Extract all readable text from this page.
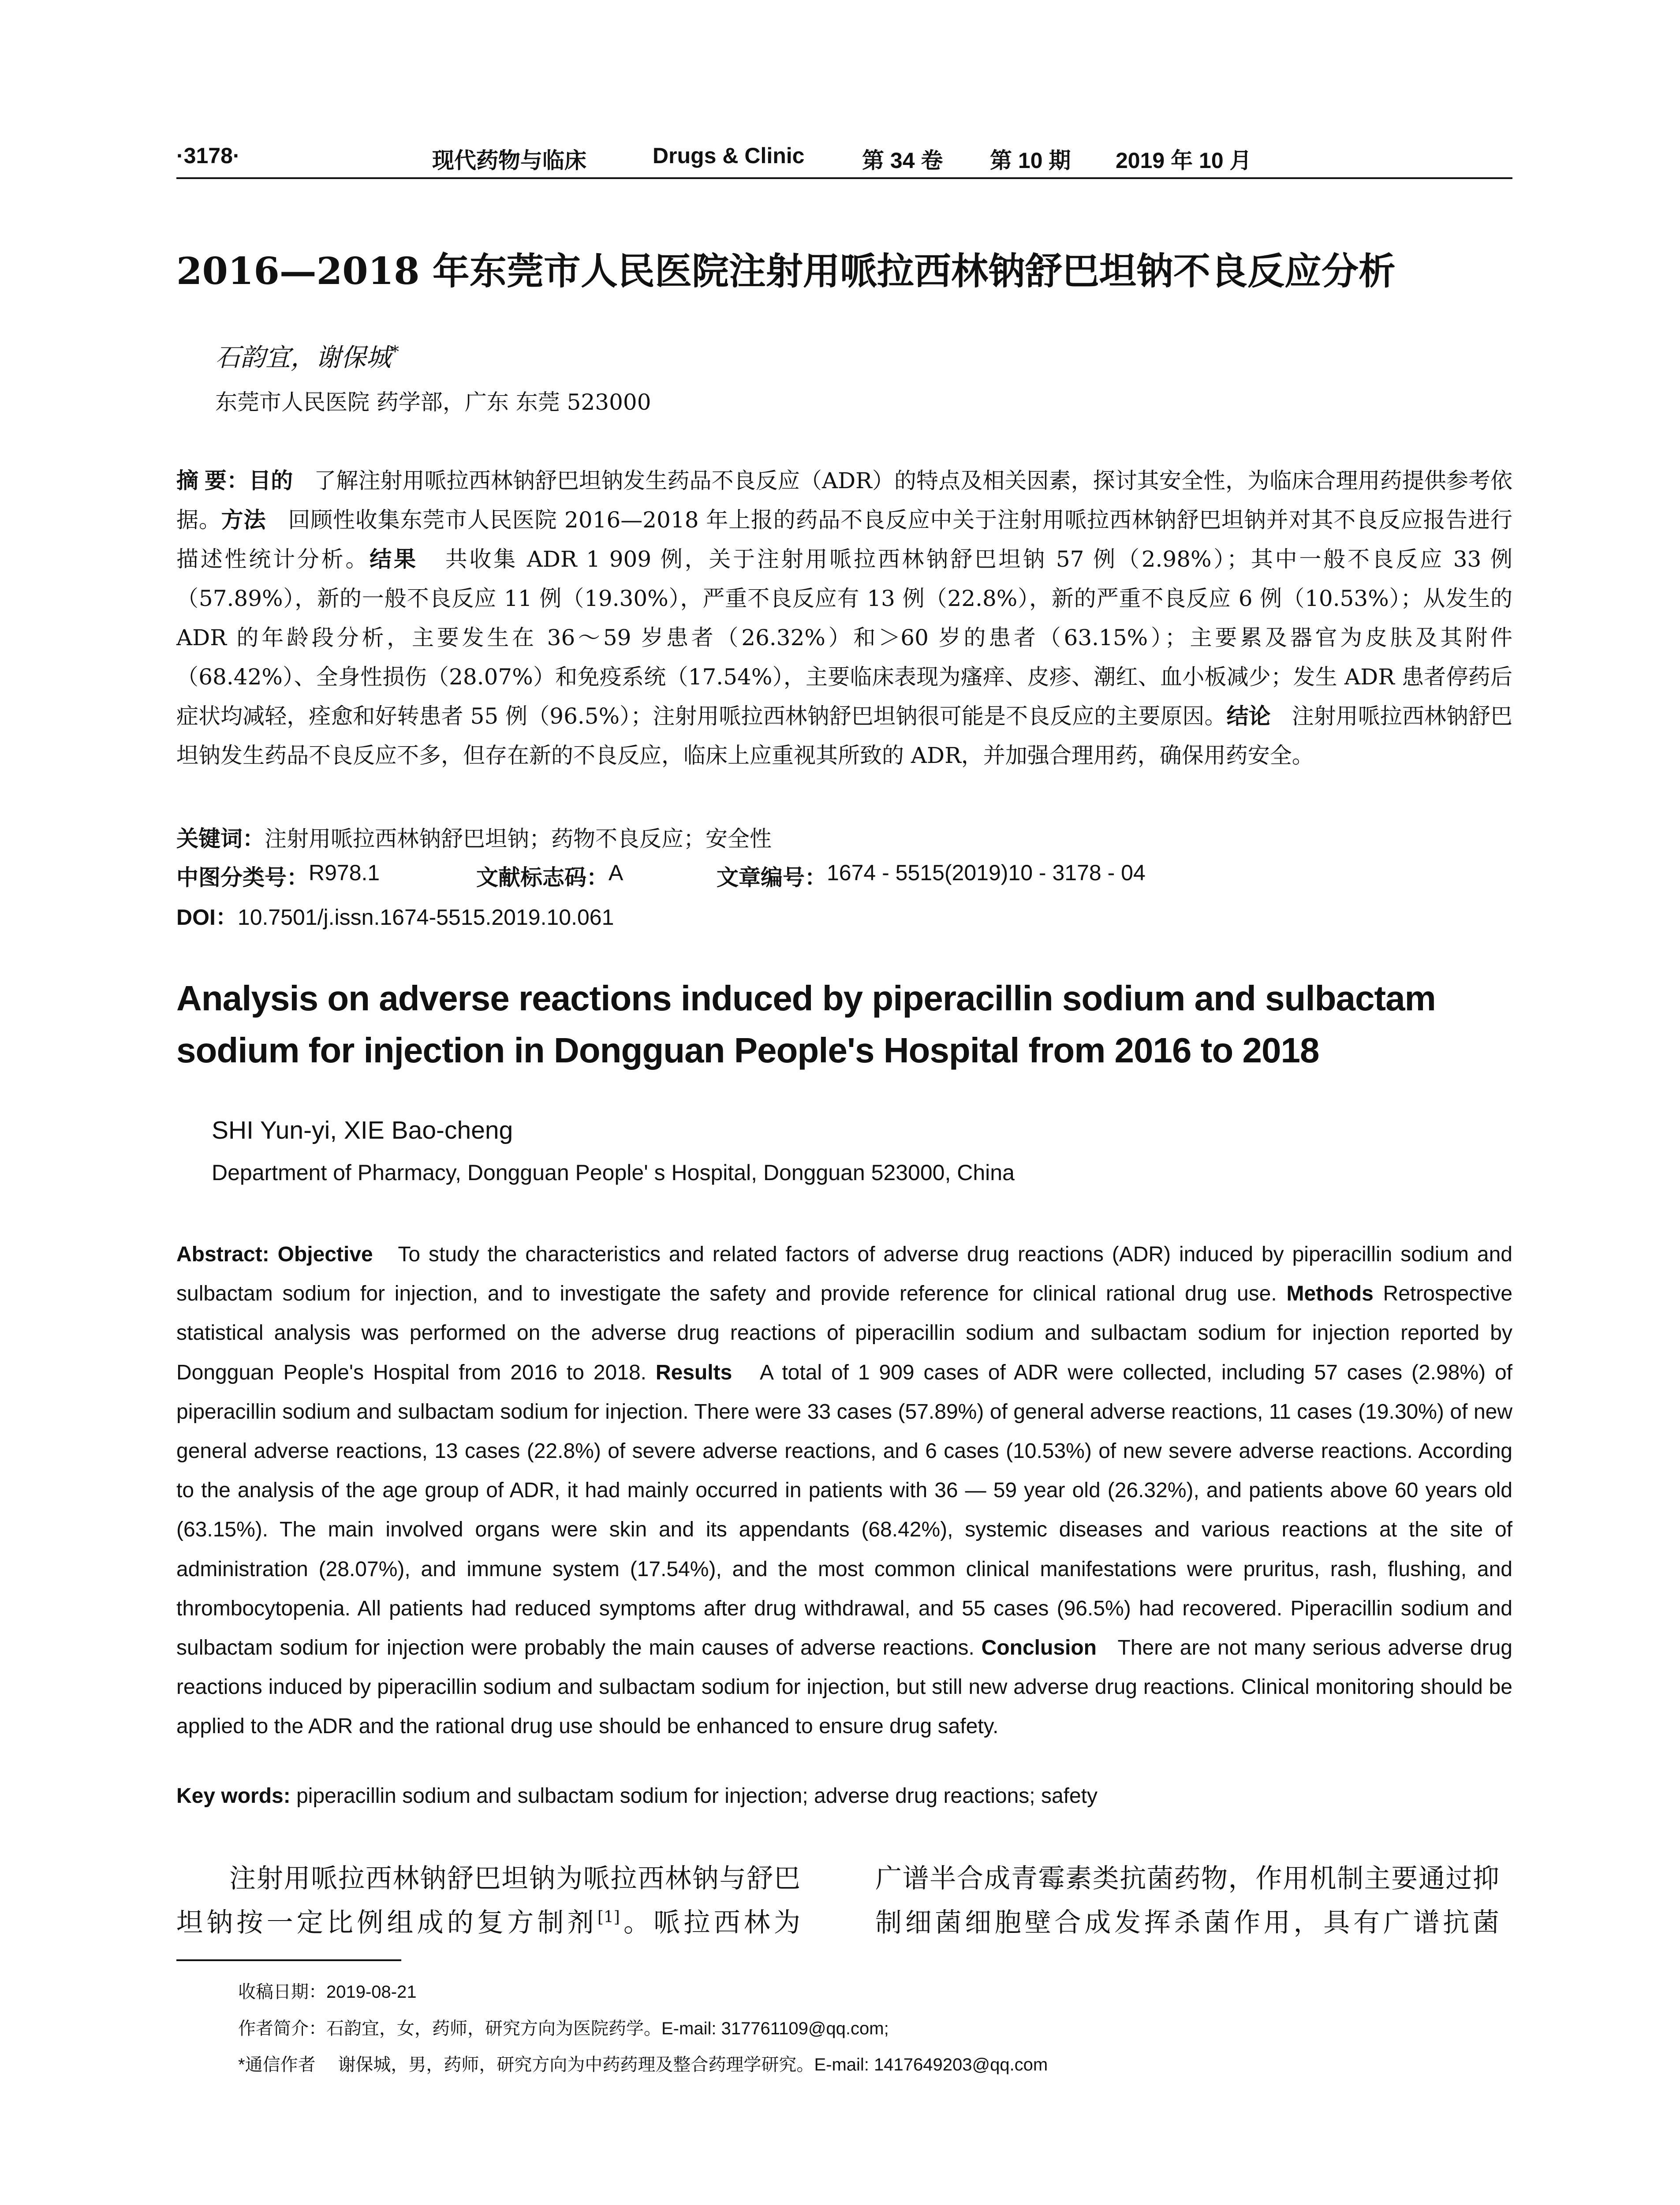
·3178·	现代药物与临床	Drugs & Clinic	第 34 卷 第 10 期 2019 年 10 月
2016—2018 年东莞市人民医院注射用哌拉西林钠舒巴坦钠不良反应分析
石韵宜，谢保城*
东莞市人民医院 药学部，广东 东莞 523000
摘 要：目的 了解注射用哌拉西林钠舒巴坦钠发生药品不良反应（ADR）的特点及相关因素，探讨其安全性，为临床合理用药提供参考依据。方法 回顾性收集东莞市人民医院 2016—2018 年上报的药品不良反应中关于注射用哌拉西林钠舒巴坦钠并对其不良反应报告进行描述性统计分析。结果 共收集 ADR 1 909 例，关于注射用哌拉西林钠舒巴坦钠 57 例（2.98%）；其中一般不良反应 33 例（57.89%），新的一般不良反应 11 例（19.30%），严重不良反应有 13 例（22.8%），新的严重不良反应 6 例（10.53%）；从发生的 ADR 的年龄段分析，主要发生在 36～59 岁患者（26.32%）和＞60 岁的患者（63.15%）；主要累及器官为皮肤及其附件（68.42%）、全身性损伤（28.07%）和免疫系统（17.54%），主要临床表现为瘙痒、皮疹、潮红、血小板减少；发生 ADR 患者停药后症状均减轻，痊愈和好转患者 55 例（96.5%）；注射用哌拉西林钠舒巴坦钠很可能是不良反应的主要原因。结论 注射用哌拉西林钠舒巴坦钠发生药品不良反应不多，但存在新的不良反应，临床上应重视其所致的 ADR，并加强合理用药，确保用药安全。
关键词：注射用哌拉西林钠舒巴坦钠；药物不良反应；安全性
中图分类号： R978.1	文献标志码： A	文章编号： 1674 - 5515(2019)10 - 3178 - 04
DOI：10.7501/j.issn.1674-5515.2019.10.061
Analysis on adverse reactions induced by piperacillin sodium and sulbactam sodium for injection in Dongguan People's Hospital from 2016 to 2018
SHI Yun-yi, XIE Bao-cheng
Department of Pharmacy, Dongguan People' s Hospital, Dongguan 523000, China
Abstract: Objective To study the characteristics and related factors of adverse drug reactions (ADR) induced by piperacillin sodium and sulbactam sodium for injection, and to investigate the safety and provide reference for clinical rational drug use. Methods Retrospective statistical analysis was performed on the adverse drug reactions of piperacillin sodium and sulbactam sodium for injection reported by Dongguan People's Hospital from 2016 to 2018. Results A total of 1 909 cases of ADR were collected, including 57 cases (2.98%) of piperacillin sodium and sulbactam sodium for injection. There were 33 cases (57.89%) of general adverse reactions, 11 cases (19.30%) of new general adverse reactions, 13 cases (22.8%) of severe adverse reactions, and 6 cases (10.53%) of new severe adverse reactions. According to the analysis of the age group of ADR, it had mainly occurred in patients with 36 — 59 year old (26.32%), and patients above 60 years old (63.15%). The main involved organs were skin and its appendants (68.42%), systemic diseases and various reactions at the site of administration (28.07%), and immune system (17.54%), and the most common clinical manifestations were pruritus, rash, flushing, and thrombocytopenia. All patients had reduced symptoms after drug withdrawal, and 55 cases (96.5%) had recovered. Piperacillin sodium and sulbactam sodium for injection were probably the main causes of adverse reactions. Conclusion There are not many serious adverse drug reactions induced by piperacillin sodium and sulbactam sodium for injection, but still new adverse drug reactions. Clinical monitoring should be applied to the ADR and the rational drug use should be enhanced to ensure drug safety.
Key words: piperacillin sodium and sulbactam sodium for injection; adverse drug reactions; safety
注射用哌拉西林钠舒巴坦钠为哌拉西林钠与舒巴坦钠按一定比例组成的复方制剂[1]。哌拉西林为
广谱半合成青霉素类抗菌药物，作用机制主要通过抑制细菌细胞壁合成发挥杀菌作用，具有广谱抗菌
收稿日期：2019-08-21
作者简介：石韵宜，女，药师，研究方向为医院药学。E-mail: 317761109@qq.com;
*通信作者 谢保城，男，药师，研究方向为中药药理及整合药理学研究。E-mail: 1417649203@qq.com
